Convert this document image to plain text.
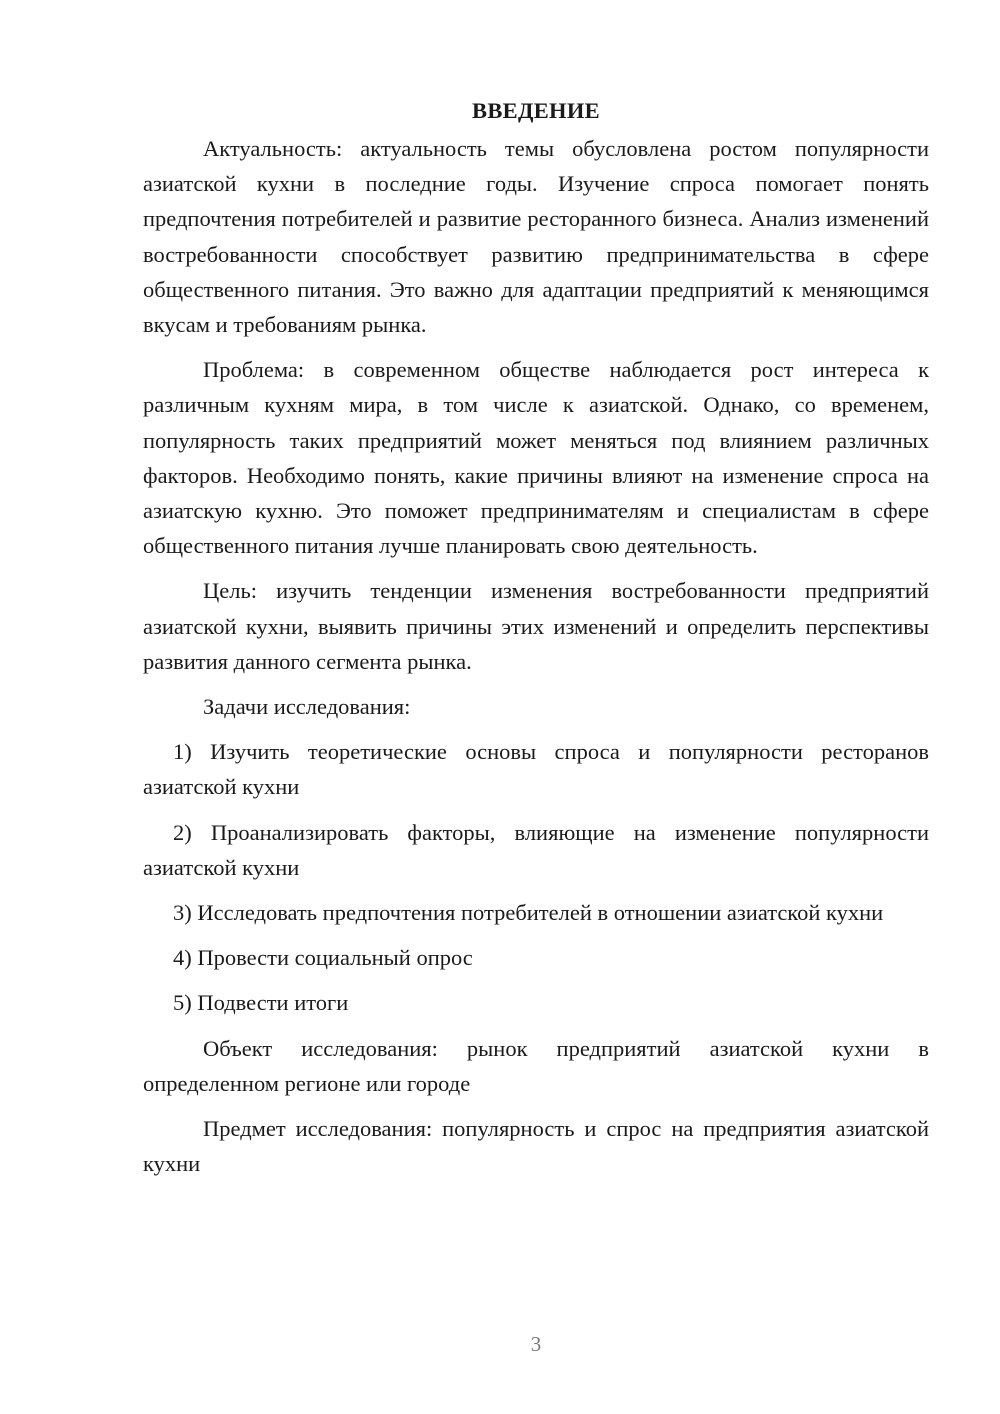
ВВЕДЕНИЕ

Актуальность: актуальность темы обусловлена ростом популярности азиатской кухни в последние годы. Изучение спроса помогает понять предпочтения потребителей и развитие ресторанного бизнеса. Анализ изменений востребованности способствует развитию предпринимательства в сфере общественного питания. Это важно для адаптации предприятий к меняющимся вкусам и требованиям рынка.

Проблема: в современном обществе наблюдается рост интереса к различным кухням мира, в том числе к азиатской. Однако, со временем, популярность таких предприятий может меняться под влиянием различных факторов. Необходимо понять, какие причины влияют на изменение спроса на азиатскую кухню. Это поможет предпринимателям и специалистам в сфере общественного питания лучше планировать свою деятельность.

Цель: изучить тенденции изменения востребованности предприятий азиатской кухни, выявить причины этих изменений и определить перспективы развития данного сегмента рынка.

Задачи исследования:

1) Изучить теоретические основы спроса и популярности ресторанов азиатской кухни

2) Проанализировать факторы, влияющие на изменение популярности азиатской кухни

3) Исследовать предпочтения потребителей в отношении азиатской кухни

4) Провести социальный опрос

5) Подвести итоги

Объект исследования: рынок предприятий азиатской кухни в определенном регионе или городе

Предмет исследования: популярность и спрос на предприятия азиатской кухни

3
